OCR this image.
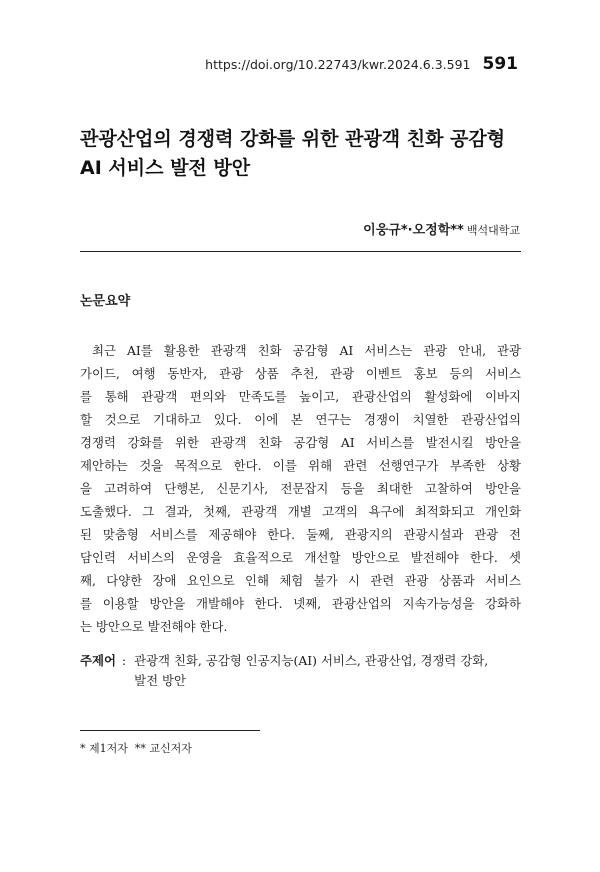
https://doi.org/10.22743/kwr.2024.6.3.591 591
관광산업의 경쟁력 강화를 위한 관광객 친화 공감형
AI 서비스 발전 방안
이웅규*·오정학** 백석대학교
논문요약
최근 AI를 활용한 관광객 친화 공감형 AI 서비스는 관광 안내, 관광
가이드, 여행 동반자, 관광 상품 추천, 관광 이벤트 홍보 등의 서비스
를 통해 관광객 편의와 만족도를 높이고, 관광산업의 활성화에 이바지
할 것으로 기대하고 있다. 이에 본 연구는 경쟁이 치열한 관광산업의
경쟁력 강화를 위한 관광객 친화 공감형 AI 서비스를 발전시킬 방안을
제안하는 것을 목적으로 한다. 이를 위해 관련 선행연구가 부족한 상황
을 고려하여 단행본, 신문기사, 전문잡지 등을 최대한 고찰하여 방안을
도출했다. 그 결과, 첫째, 관광객 개별 고객의 욕구에 최적화되고 개인화
된 맞춤형 서비스를 제공해야 한다. 둘째, 관광지의 관광시설과 관광 전
담인력 서비스의 운영을 효율적으로 개선할 방안으로 발전해야 한다. 셋
째, 다양한 장애 요인으로 인해 체험 불가 시 관련 관광 상품과 서비스
를 이용할 방안을 개발해야 한다. 넷째, 관광산업의 지속가능성을 강화하
는 방안으로 발전해야 한다.
주제어 : 관광객 친화, 공감형 인공지능(AI) 서비스, 관광산업, 경쟁력 강화,
발전 방안
* 제1저자  ** 교신저자
